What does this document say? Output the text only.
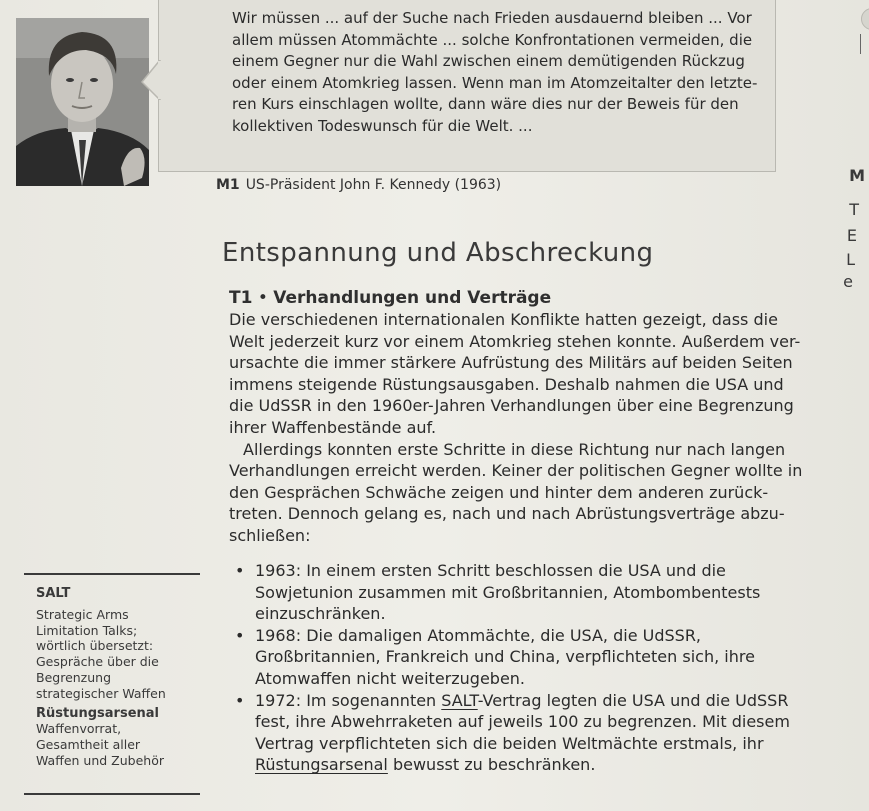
Wir müssen ... auf der Suche nach Frieden ausdauernd bleiben ... Vor

allem müssen Atommächte ... solche Konfrontationen vermeiden, die

einem Gegner nur die Wahl zwischen einem demütigenden Rückzug

oder einem Atomkrieg lassen. Wenn man im Atomzeitalter den letzte-

ren Kurs einschlagen wollte, dann wäre dies nur der Beweis für den

kollektiven Todeswunsch für die Welt. ...

M1 US-Präsident John F. Kennedy (1963)
Entspannung und Abschreckung
T1 • Verhandlungen und Verträge
Die verschiedenen internationalen Konflikte hatten gezeigt, dass die
Welt jederzeit kurz vor einem Atomkrieg stehen konnte. Außerdem ver-
ursachte die immer stärkere Aufrüstung des Militärs auf beiden Seiten
immens steigende Rüstungsausgaben. Deshalb nahmen die USA und
die UdSSR in den 1960er-Jahren Verhandlungen über eine Begrenzung
ihrer Waffenbestände auf.
Allerdings konnten erste Schritte in diese Richtung nur nach langen
Verhandlungen erreicht werden. Keiner der politischen Gegner wollte in
den Gesprächen Schwäche zeigen und hinter dem anderen zurück-
treten. Dennoch gelang es, nach und nach Abrüstungsverträge abzu-
schließen:
• 1963: In einem ersten Schritt beschlossen die USA und die
Sowjetunion zusammen mit Großbritannien, Atombombentests
einzuschränken.
• 1968: Die damaligen Atommächte, die USA, die UdSSR,
Großbritannien, Frankreich und China, verpflichteten sich, ihre
Atomwaffen nicht weiterzugeben.
• 1972: Im sogenannten SALT-Vertrag legten die USA und die UdSSR
fest, ihre Abwehrraketen auf jeweils 100 zu begrenzen. Mit diesem
Vertrag verpflichteten sich die beiden Weltmächte erstmals, ihr
Rüstungsarsenal bewusst zu beschränken.
SALT
Strategic Arms
Limitation Talks;
wörtlich übersetzt:
Gespräche über die
Begrenzung
strategischer Waffen
Rüstungsarsenal
Waffenvorrat,
Gesamtheit aller
Waffen und Zubehör
M
T
E
L
e
